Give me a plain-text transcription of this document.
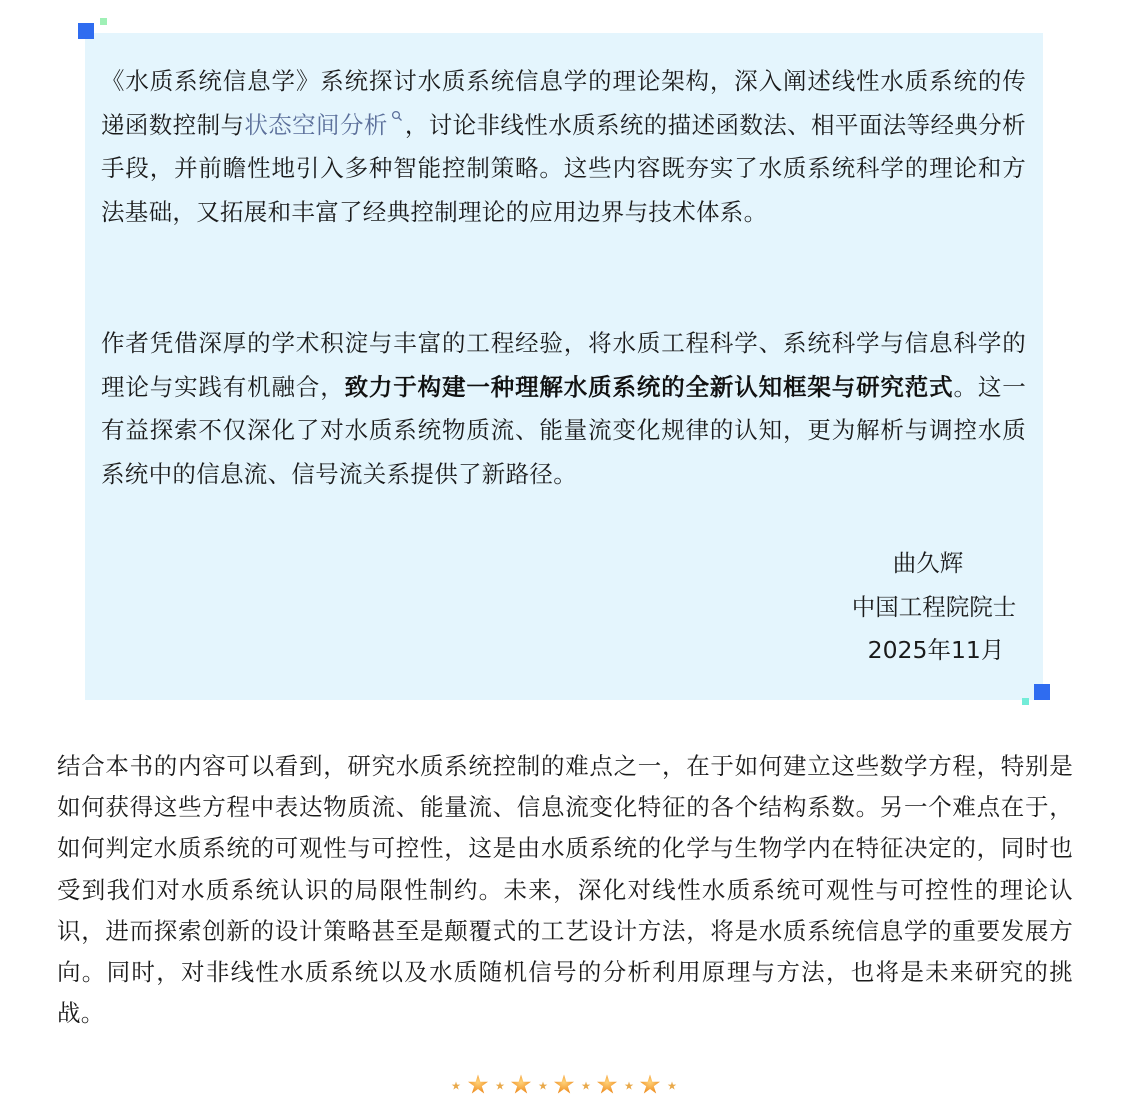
《水质系统信息学》系统探讨水质系统信息学的理论架构，深入阐述线性水质系统的传递函数控制与状态空间分析 ，讨论非线性水质系统的描述函数法、相平面法等经典分析手段，并前瞻性地引入多种智能控制策略。这些内容既夯实了水质系统科学的理论和方法基础，又拓展和丰富了经典控制理论的应用边界与技术体系。

作者凭借深厚的学术积淀与丰富的工程经验，将水质工程科学、系统科学与信息科学的理论与实践有机融合，致力于构建一种理解水质系统的全新认知框架与研究范式。这一有益探索不仅深化了对水质系统物质流、能量流变化规律的认知，更为解析与调控水质系统中的信息流、信号流关系提供了新路径。

曲久辉
中国工程院院士
2025年11月

结合本书的内容可以看到，研究水质系统控制的难点之一，在于如何建立这些数学方程，特别是如何获得这些方程中表达物质流、能量流、信息流变化特征的各个结构系数。另一个难点在于，如何判定水质系统的可观性与可控性，这是由水质系统的化学与生物学内在特征决定的，同时也受到我们对水质系统认识的局限性制约。未来，深化对线性水质系统可观性与可控性的理论认识，进而探索创新的设计策略甚至是颠覆式的工艺设计方法，将是水质系统信息学的重要发展方向。同时，对非线性水质系统以及水质随机信号的分析利用原理与方法，也将是未来研究的挑战。
